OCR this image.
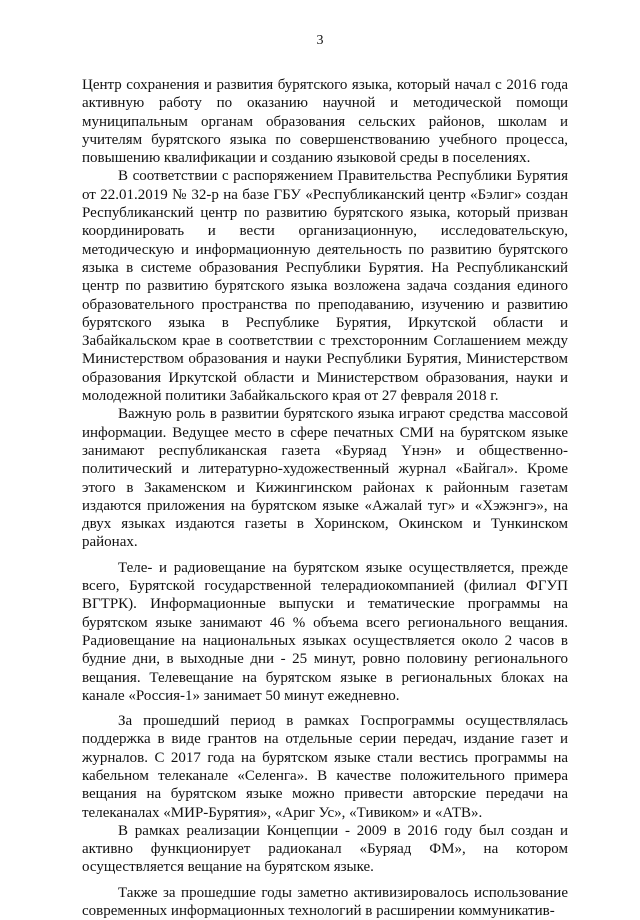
3

Центр сохранения и развития бурятского языка, который начал с 2016 года активную работу по оказанию научной и методической помощи муниципальным органам образования сельских районов, школам и учителям бурятского языка по совершенствованию учебного процесса, повышению квалификации и созданию языковой среды в поселениях.

В соответствии с распоряжением Правительства Республики Бурятия от 22.01.2019 № 32-р на базе ГБУ «Республиканский центр «Бэлиг» создан Республиканский центр по развитию бурятского языка, который призван координировать и вести организационную, исследовательскую, методическую и информационную деятельность по развитию бурятского языка в системе образования Республики Бурятия. На Республиканский центр по развитию бурятского языка возложена задача создания единого образовательного пространства по преподаванию, изучению и развитию бурятского языка в Республике Бурятия, Иркутской области и Забайкальском крае в соответствии с трехсторонним Соглашением между Министерством образования и науки Республики Бурятия, Министерством образования Иркутской области и Министерством образования, науки и молодежной политики Забайкальского края от 27 февраля 2018 г.

Важную роль в развитии бурятского языка играют средства массовой информации. Ведущее место в сфере печатных СМИ на бурятском языке занимают республиканская газета «Буряад Үнэн» и общественно-политический и литературно-художественный журнал «Байгал». Кроме этого в Закаменском и Кижингинском районах к районным газетам издаются приложения на бурятском языке «Ажалай туг» и «Хэжэнгэ», на двух языках издаются газеты в Хоринском, Окинском и Тункинском районах.

Теле- и радиовещание на бурятском языке осуществляется, прежде всего, Бурятской государственной телерадиокомпанией (филиал ФГУП ВГТРК). Информационные выпуски и тематические программы на бурятском языке занимают 46 % объема всего регионального вещания. Радиовещание на национальных языках осуществляется около 2 часов в будние дни, в выходные дни - 25 минут, ровно половину регионального вещания. Телевещание на бурятском языке в региональных блоках на канале «Россия-1» занимает 50 минут ежедневно.

За прошедший период в рамках Госпрограммы осуществлялась поддержка в виде грантов на отдельные серии передач, издание газет и журналов. С 2017 года на бурятском языке стали вестись программы на кабельном телеканале «Селенга». В качестве положительного примера вещания на бурятском языке можно привести авторские передачи на телеканалах «МИР-Бурятия», «Ариг Ус», «Тивиком» и «АТВ».

В рамках реализации Концепции - 2009 в 2016 году был создан и активно функционирует радиоканал «Буряад ФМ», на котором осуществляется вещание на бурятском языке.

Также за прошедшие годы заметно активизировалось использование современных информационных технологий в расширении коммуникатив-
